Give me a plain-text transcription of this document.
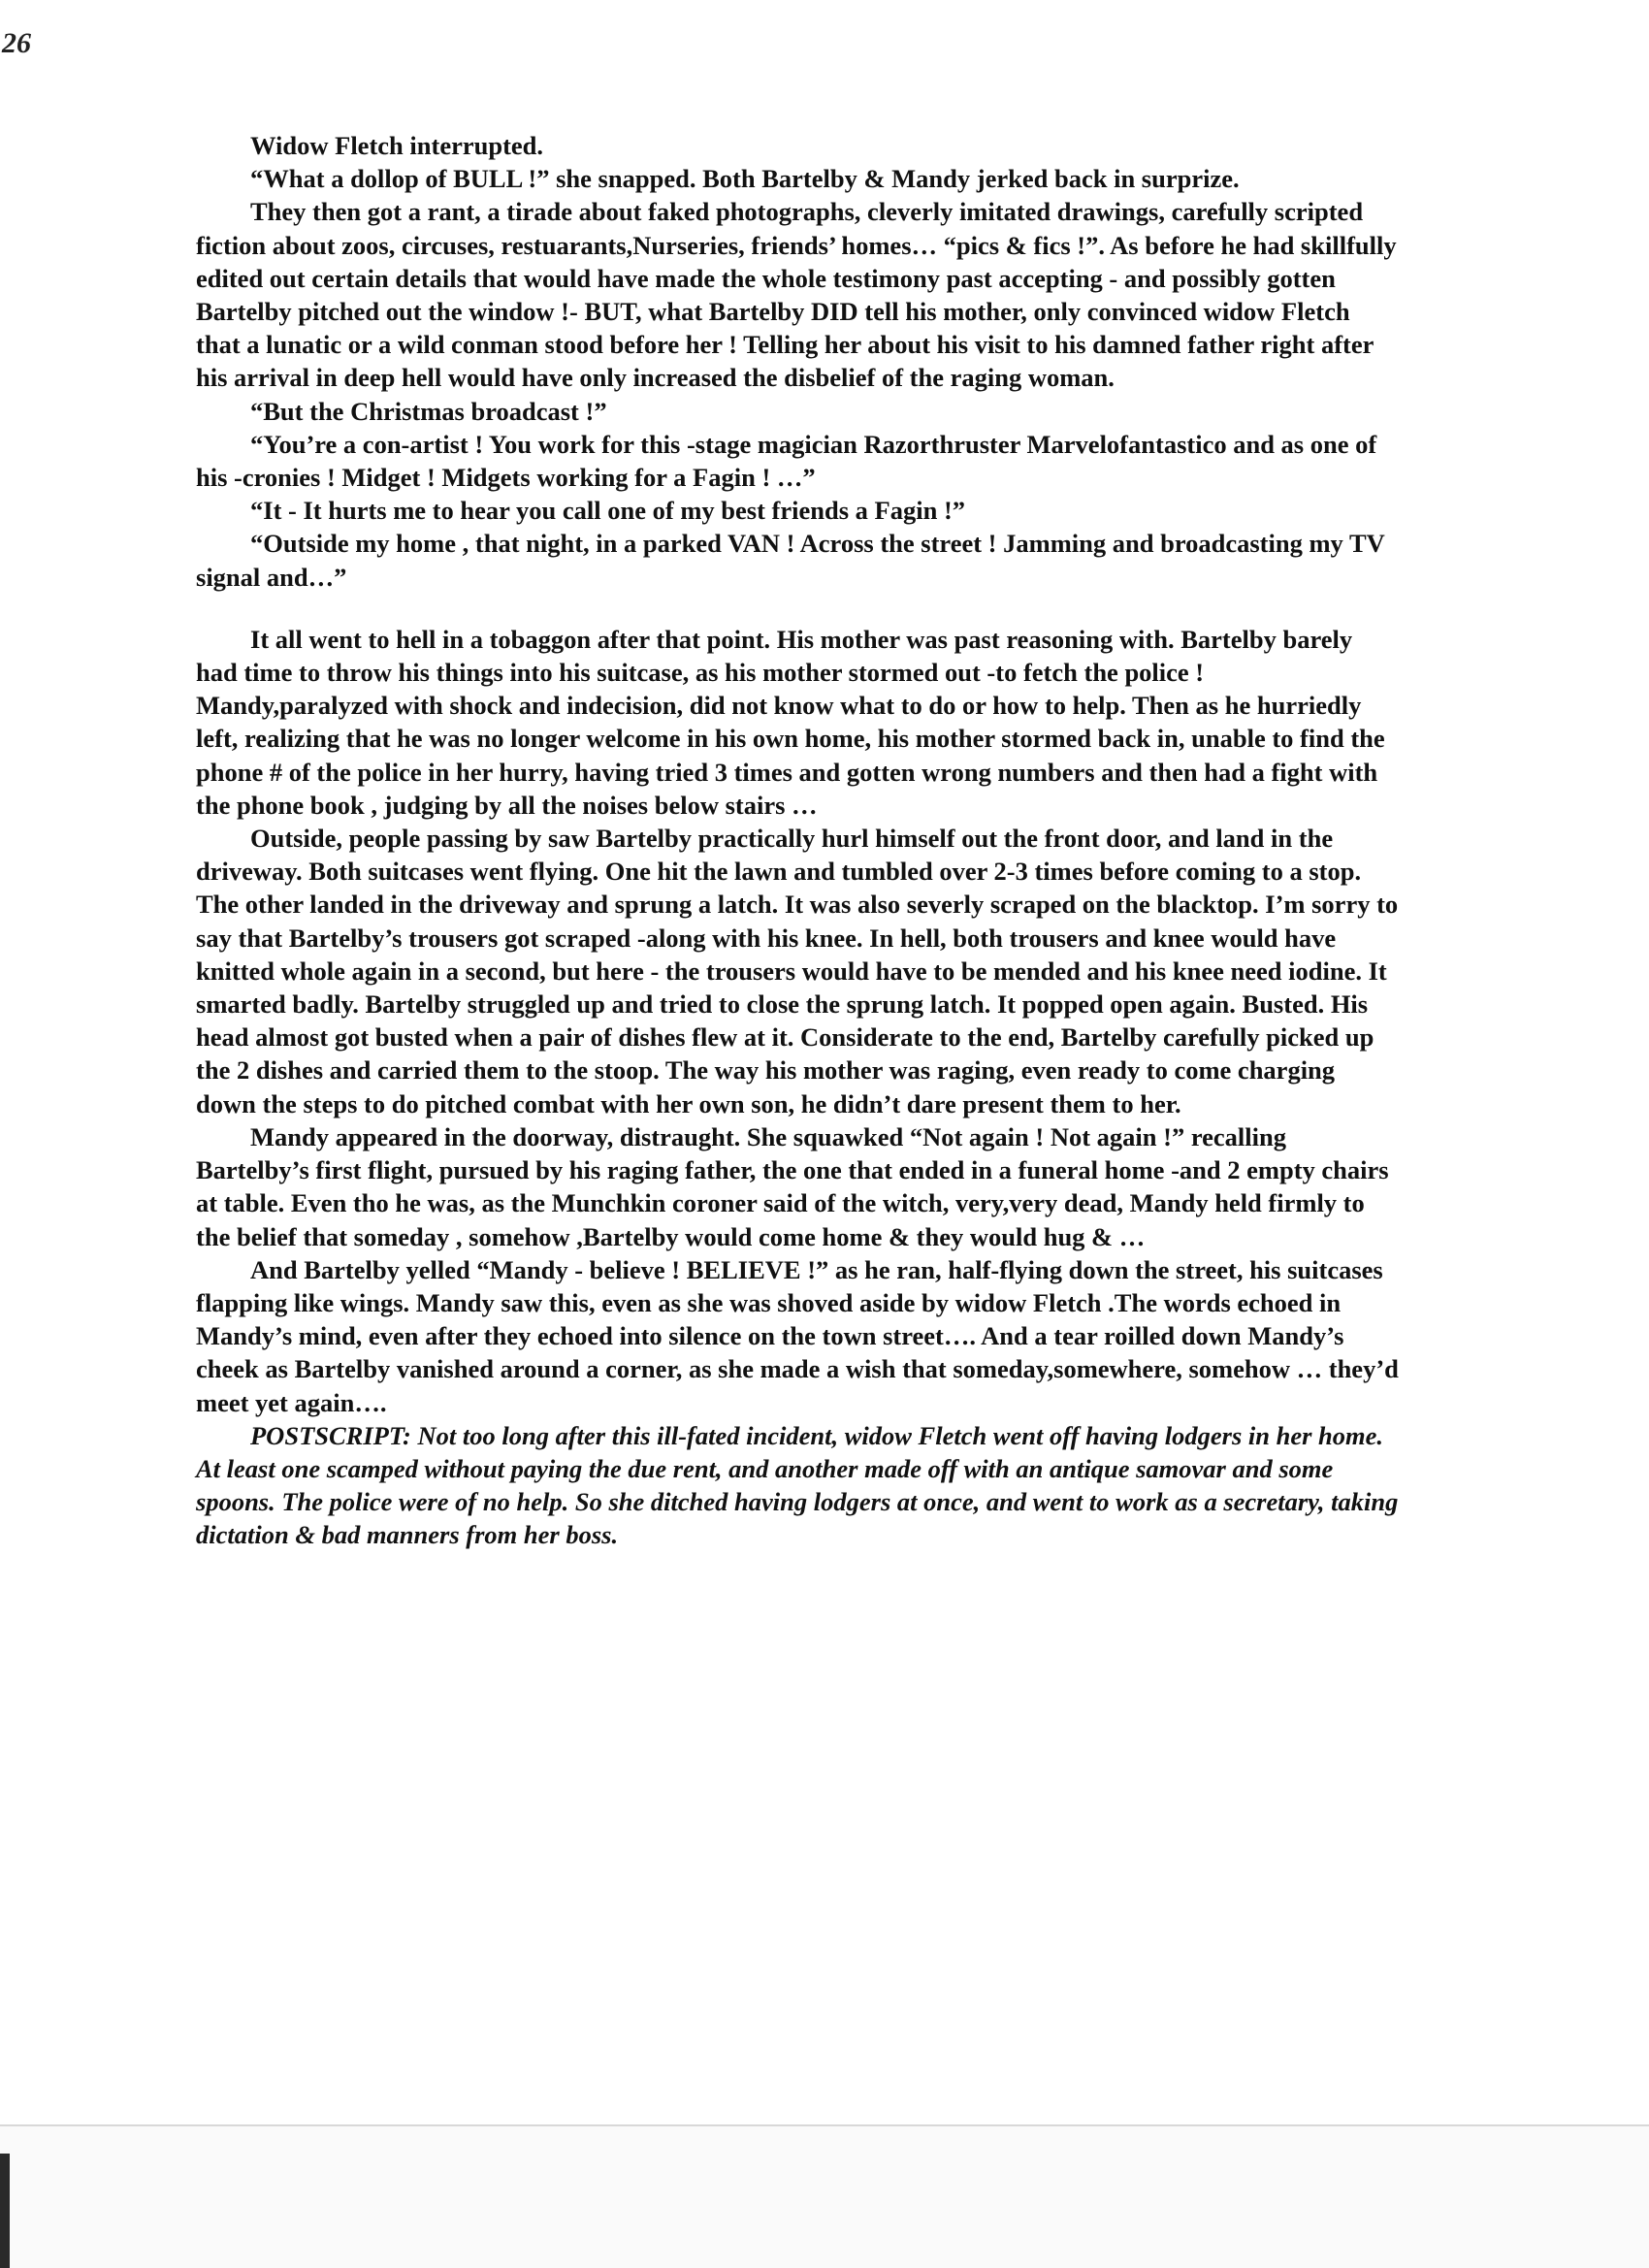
26

Widow Fletch interrupted.

“What a dollop of BULL !” she snapped. Both Bartelby & Mandy jerked back in surprize.

They then got a rant, a tirade about faked photographs, cleverly imitated drawings, carefully scripted fiction about zoos, circuses, restuarants,Nurseries, friends’ homes… “pics & fics !”. As before he had skillfully edited out certain details that would have made the whole testimony past accepting - and possibly gotten Bartelby pitched out the window !- BUT, what Bartelby DID tell his mother, only convinced widow Fletch that a lunatic or a wild conman stood before her ! Telling her about his visit to his damned father right after his arrival in deep hell would have only increased the disbelief of the raging woman.

“But the Christmas broadcast !”

“You’re a con-artist ! You work for this -stage magician Razorthruster Marvelofantastico and as one of his -cronies ! Midget ! Midgets working for a Fagin ! …”

“It - It hurts me to hear you call one of my best friends a Fagin !”

“Outside my home , that night, in a parked VAN ! Across the street ! Jamming and broadcasting my TV signal and…”

It all went to hell in a tobaggon after that point. His mother was past reasoning with. Bartelby barely had time to throw his things into his suitcase, as his mother stormed out -to fetch the police ! Mandy,paralyzed with shock and indecision, did not know what to do or how to help. Then as he hurriedly left, realizing that he was no longer welcome in his own home, his mother stormed back in, unable to find the phone # of the police in her hurry, having tried 3 times and gotten wrong numbers and then had a fight with the phone book , judging by all the noises below stairs …

Outside, people passing by saw Bartelby practically hurl himself out the front door, and land in the driveway. Both suitcases went flying. One hit the lawn and tumbled over 2-3 times before coming to a stop. The other landed in the driveway and sprung a latch. It was also severly scraped on the blacktop. I’m sorry to say that Bartelby’s trousers got scraped -along with his knee. In hell, both trousers and knee would have knitted whole again in a second, but here - the trousers would have to be mended and his knee need iodine. It smarted badly. Bartelby struggled up and tried to close the sprung latch. It popped open again. Busted. His head almost got busted when a pair of dishes flew at it. Considerate to the end, Bartelby carefully picked up the 2 dishes and carried them to the stoop. The way his mother was raging, even ready to come charging down the steps to do pitched combat with her own son, he didn’t dare present them to her.

Mandy appeared in the doorway, distraught. She squawked “Not again ! Not again !” recalling Bartelby’s first flight, pursued by his raging father, the one that ended in a funeral home -and 2 empty chairs at table. Even tho he was, as the Munchkin coroner said of the witch, very,very dead, Mandy held firmly to the belief that someday , somehow ,Bartelby would come home & they would hug & …

And Bartelby yelled “Mandy - believe ! BELIEVE !” as he ran, half-flying down the street, his suitcases flapping like wings. Mandy saw this, even as she was shoved aside by widow Fletch .The words echoed in Mandy’s mind, even after they echoed into silence on the town street…. And a tear roilled down Mandy’s cheek as Bartelby vanished around a corner, as she made a wish that someday,somewhere, somehow … they’d meet yet again….

POSTSCRIPT: Not too long after this ill-fated incident, widow Fletch went off having lodgers in her home. At least one scamped without paying the due rent, and another made off with an antique samovar and some spoons. The police were of no help. So she ditched having lodgers at once, and went to work as a secretary, taking dictation & bad manners from her boss.
